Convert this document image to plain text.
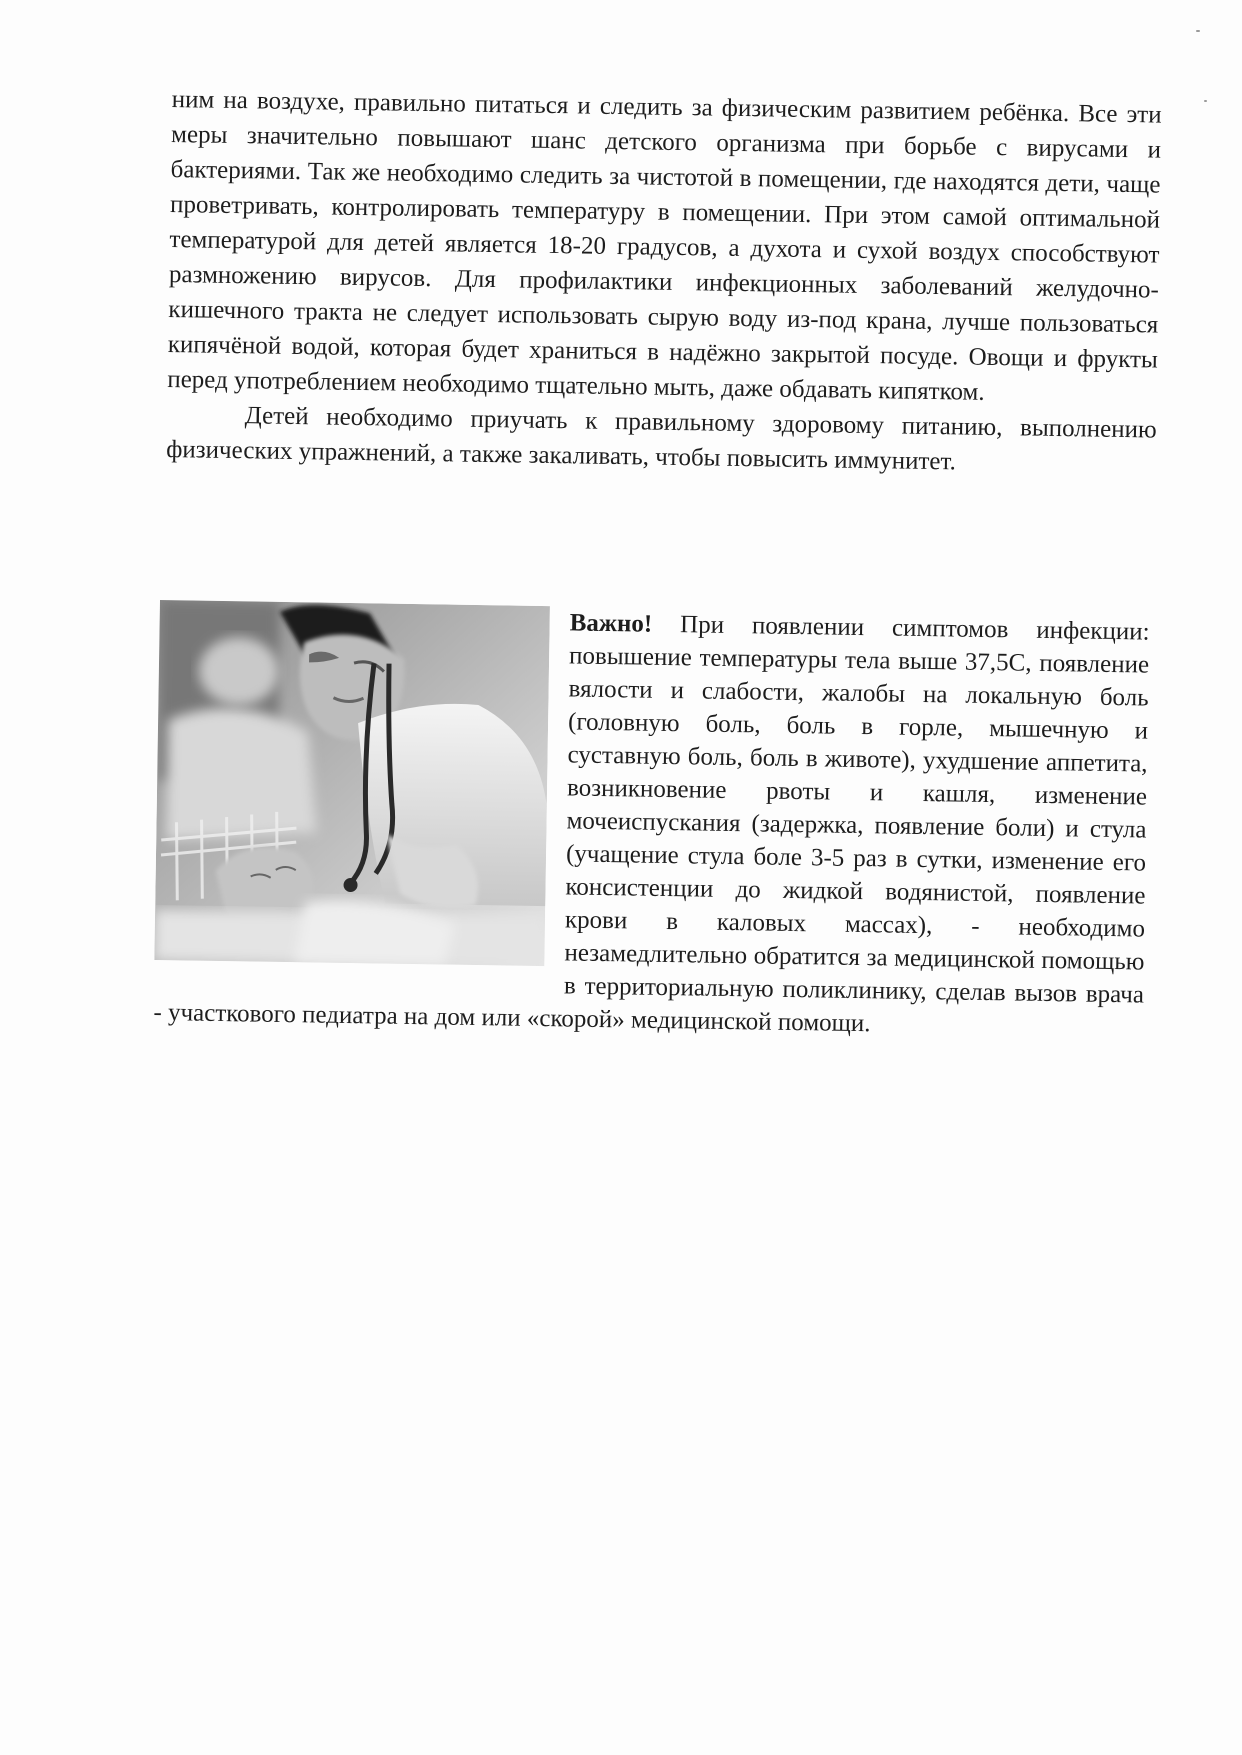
ним на воздухе, правильно питаться и следить за физическим развитием ребёнка. Все эти меры значительно повышают шанс детского организма при борьбе с вирусами и бактериями. Так же необходимо следить за чистотой в помещении, где находятся дети, чаще проветривать, контролировать температуру в помещении. При этом самой оптимальной температурой для детей является 18-20 градусов, а духота и сухой воздух способствуют размножению вирусов. Для профилактики инфекционных заболеваний желудочно-кишечного тракта не следует использовать сырую воду из-под крана, лучше пользоваться кипячёной водой, которая будет храниться в надёжно закрытой посуде. Овощи и фрукты перед употреблением необходимо тщательно мыть, даже обдавать кипятком.

Детей необходимо приучать к правильному здоровому питанию, выполнению физических упражнений, а также закаливать, чтобы повысить иммунитет.

Важно! При появлении симптомов инфекции: повышение температуры тела выше 37,5С, появление вялости и слабости, жалобы на локальную боль (головную боль, боль в горле, мышечную и суставную боль, боль в животе), ухудшение аппетита, возникновение рвоты и кашля, изменение мочеиспускания (задержка, появление боли) и стула (учащение стула боле 3-5 раз в сутки, изменение его консистенции до жидкой водянистой, появление крови в каловых массах), - необходимо незамедлительно обратится за медицинской помощью в территориальную поликлинику, сделав вызов врача - участкового педиатра на дом или «скорой» медицинской помощи.
